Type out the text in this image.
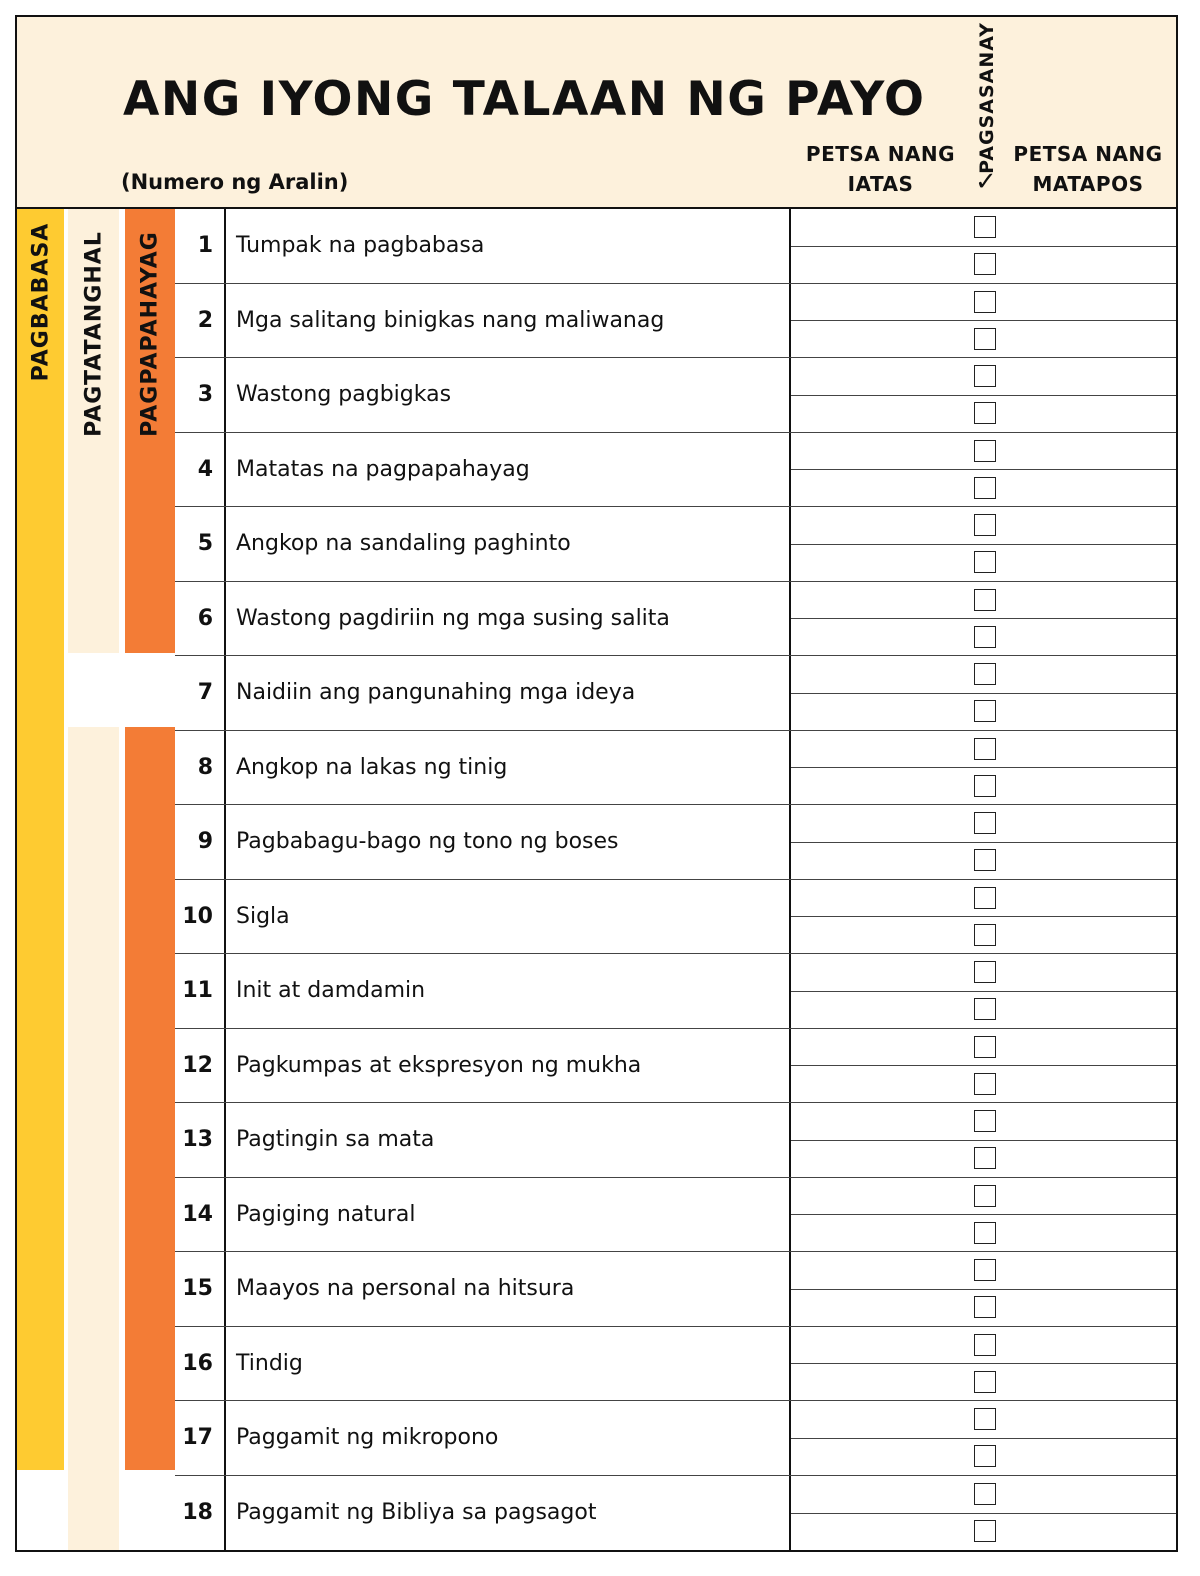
ANG IYONG TALAAN NG PAYO
(Numero ng Aralin)
PETSA NANG
IATAS
PAGSASANAY
✓
PETSA NANG
MATAPOS
PAGBABASA PAGTATANGHAL PAGPAPAHAYAG	1	Tumpak na pagbabasa
2	Mga salitang binigkas nang maliwanag
3	Wastong pagbigkas
4	Matatas na pagpapahayag
5	Angkop na sandaling paghinto
6	Wastong pagdiriin ng mga susing salita
7	Naidiin ang pangunahing mga ideya
8	Angkop na lakas ng tinig
9	Pagbabagu-bago ng tono ng boses
10	Sigla
11	Init at damdamin
12	Pagkumpas at ekspresyon ng mukha
13	Pagtingin sa mata
14	Pagiging natural
15	Maayos na personal na hitsura
16	Tindig
17	Paggamit ng mikropono
18	Paggamit ng Bibliya sa pagsagot
